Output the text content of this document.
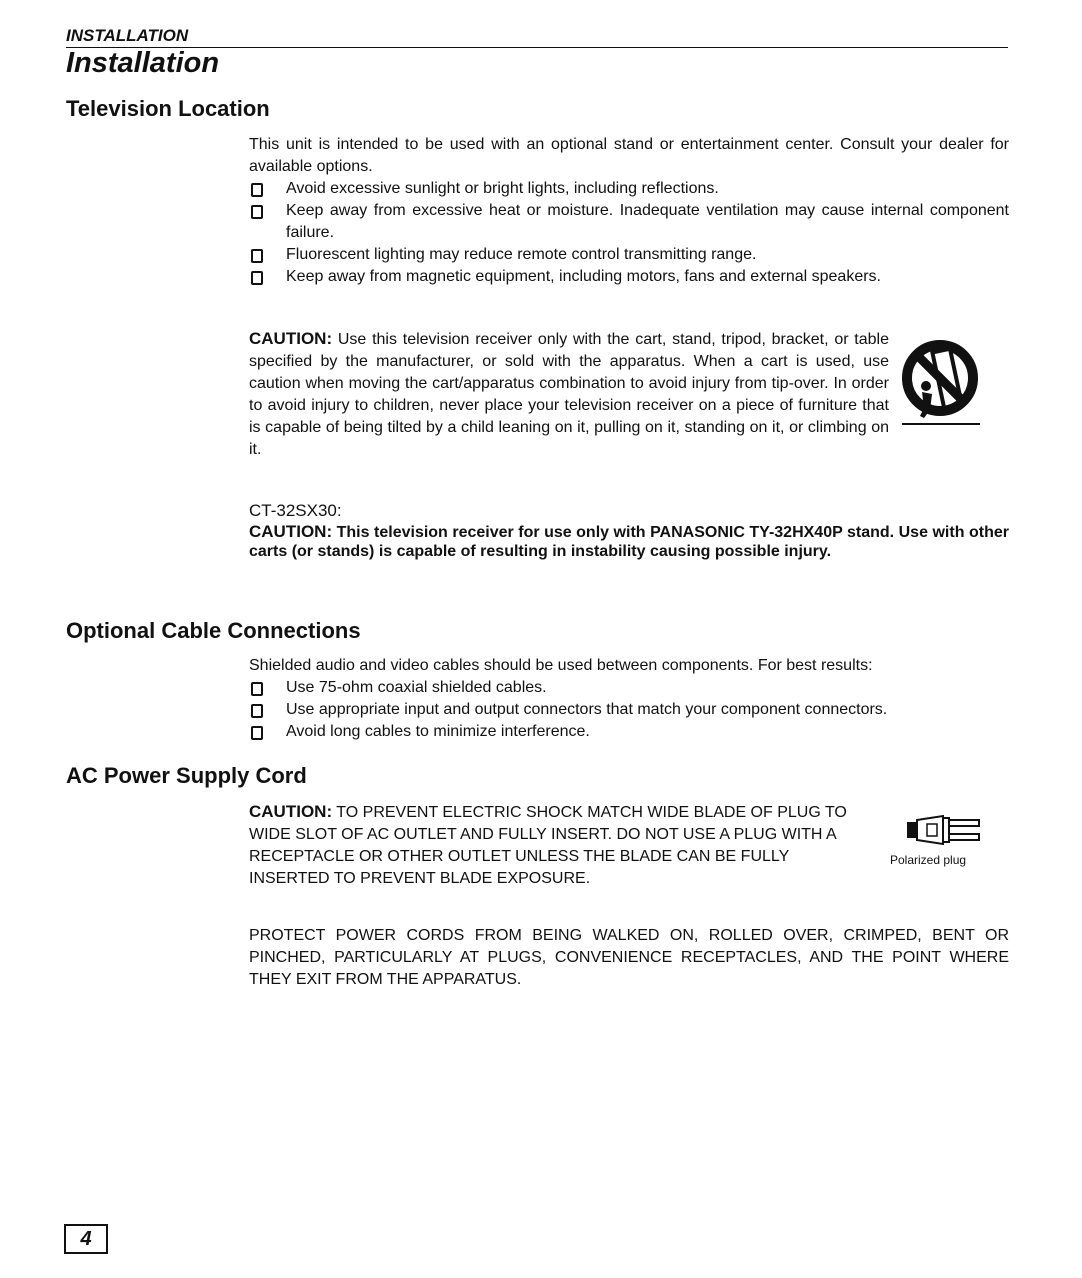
INSTALLATION
Installation
Television Location

This unit is intended to be used with an optional stand or entertainment center. Consult your dealer for available options.

Avoid excessive sunlight or bright lights, including reflections.
Keep away from excessive heat or moisture. Inadequate ventilation may cause internal component failure.
Fluorescent lighting may reduce remote control transmitting range.
Keep away from magnetic equipment, including motors, fans and external speakers.
CAUTION: Use this television receiver only with the cart, stand, tripod, bracket, or table specified by the manufacturer, or sold with the apparatus. When a cart is used, use caution when moving the cart/apparatus combination to avoid injury from tip-over. In order to avoid injury to children, never place your television receiver on a piece of furniture that is capable of being tilted by a child leaning on it, pulling on it, standing on it, or climbing on it.

CT-32SX30:

CAUTION: This television receiver for use only with PANASONIC TY-32HX40P stand. Use with other carts (or stands) is capable of resulting in instability causing possible injury.

Optional Cable Connections

Shielded audio and video cables should be used between components. For best results:

Use 75-ohm coaxial shielded cables.
Use appropriate input and output connectors that match your component connectors.
Avoid long cables to minimize interference.
AC Power Supply Cord
CAUTION: TO PREVENT ELECTRIC SHOCK MATCH WIDE BLADE OF PLUG TO WIDE SLOT OF AC OUTLET AND FULLY INSERT. DO NOT USE A PLUG WITH A RECEPTACLE OR OTHER OUTLET UNLESS THE BLADE CAN BE FULLY INSERTED TO PREVENT BLADE EXPOSURE.
Polarized plug
PROTECT POWER CORDS FROM BEING WALKED ON, ROLLED OVER, CRIMPED, BENT OR PINCHED, PARTICULARLY AT PLUGS, CONVENIENCE RECEPTACLES, AND THE POINT WHERE THEY EXIT FROM THE APPARATUS.
4
